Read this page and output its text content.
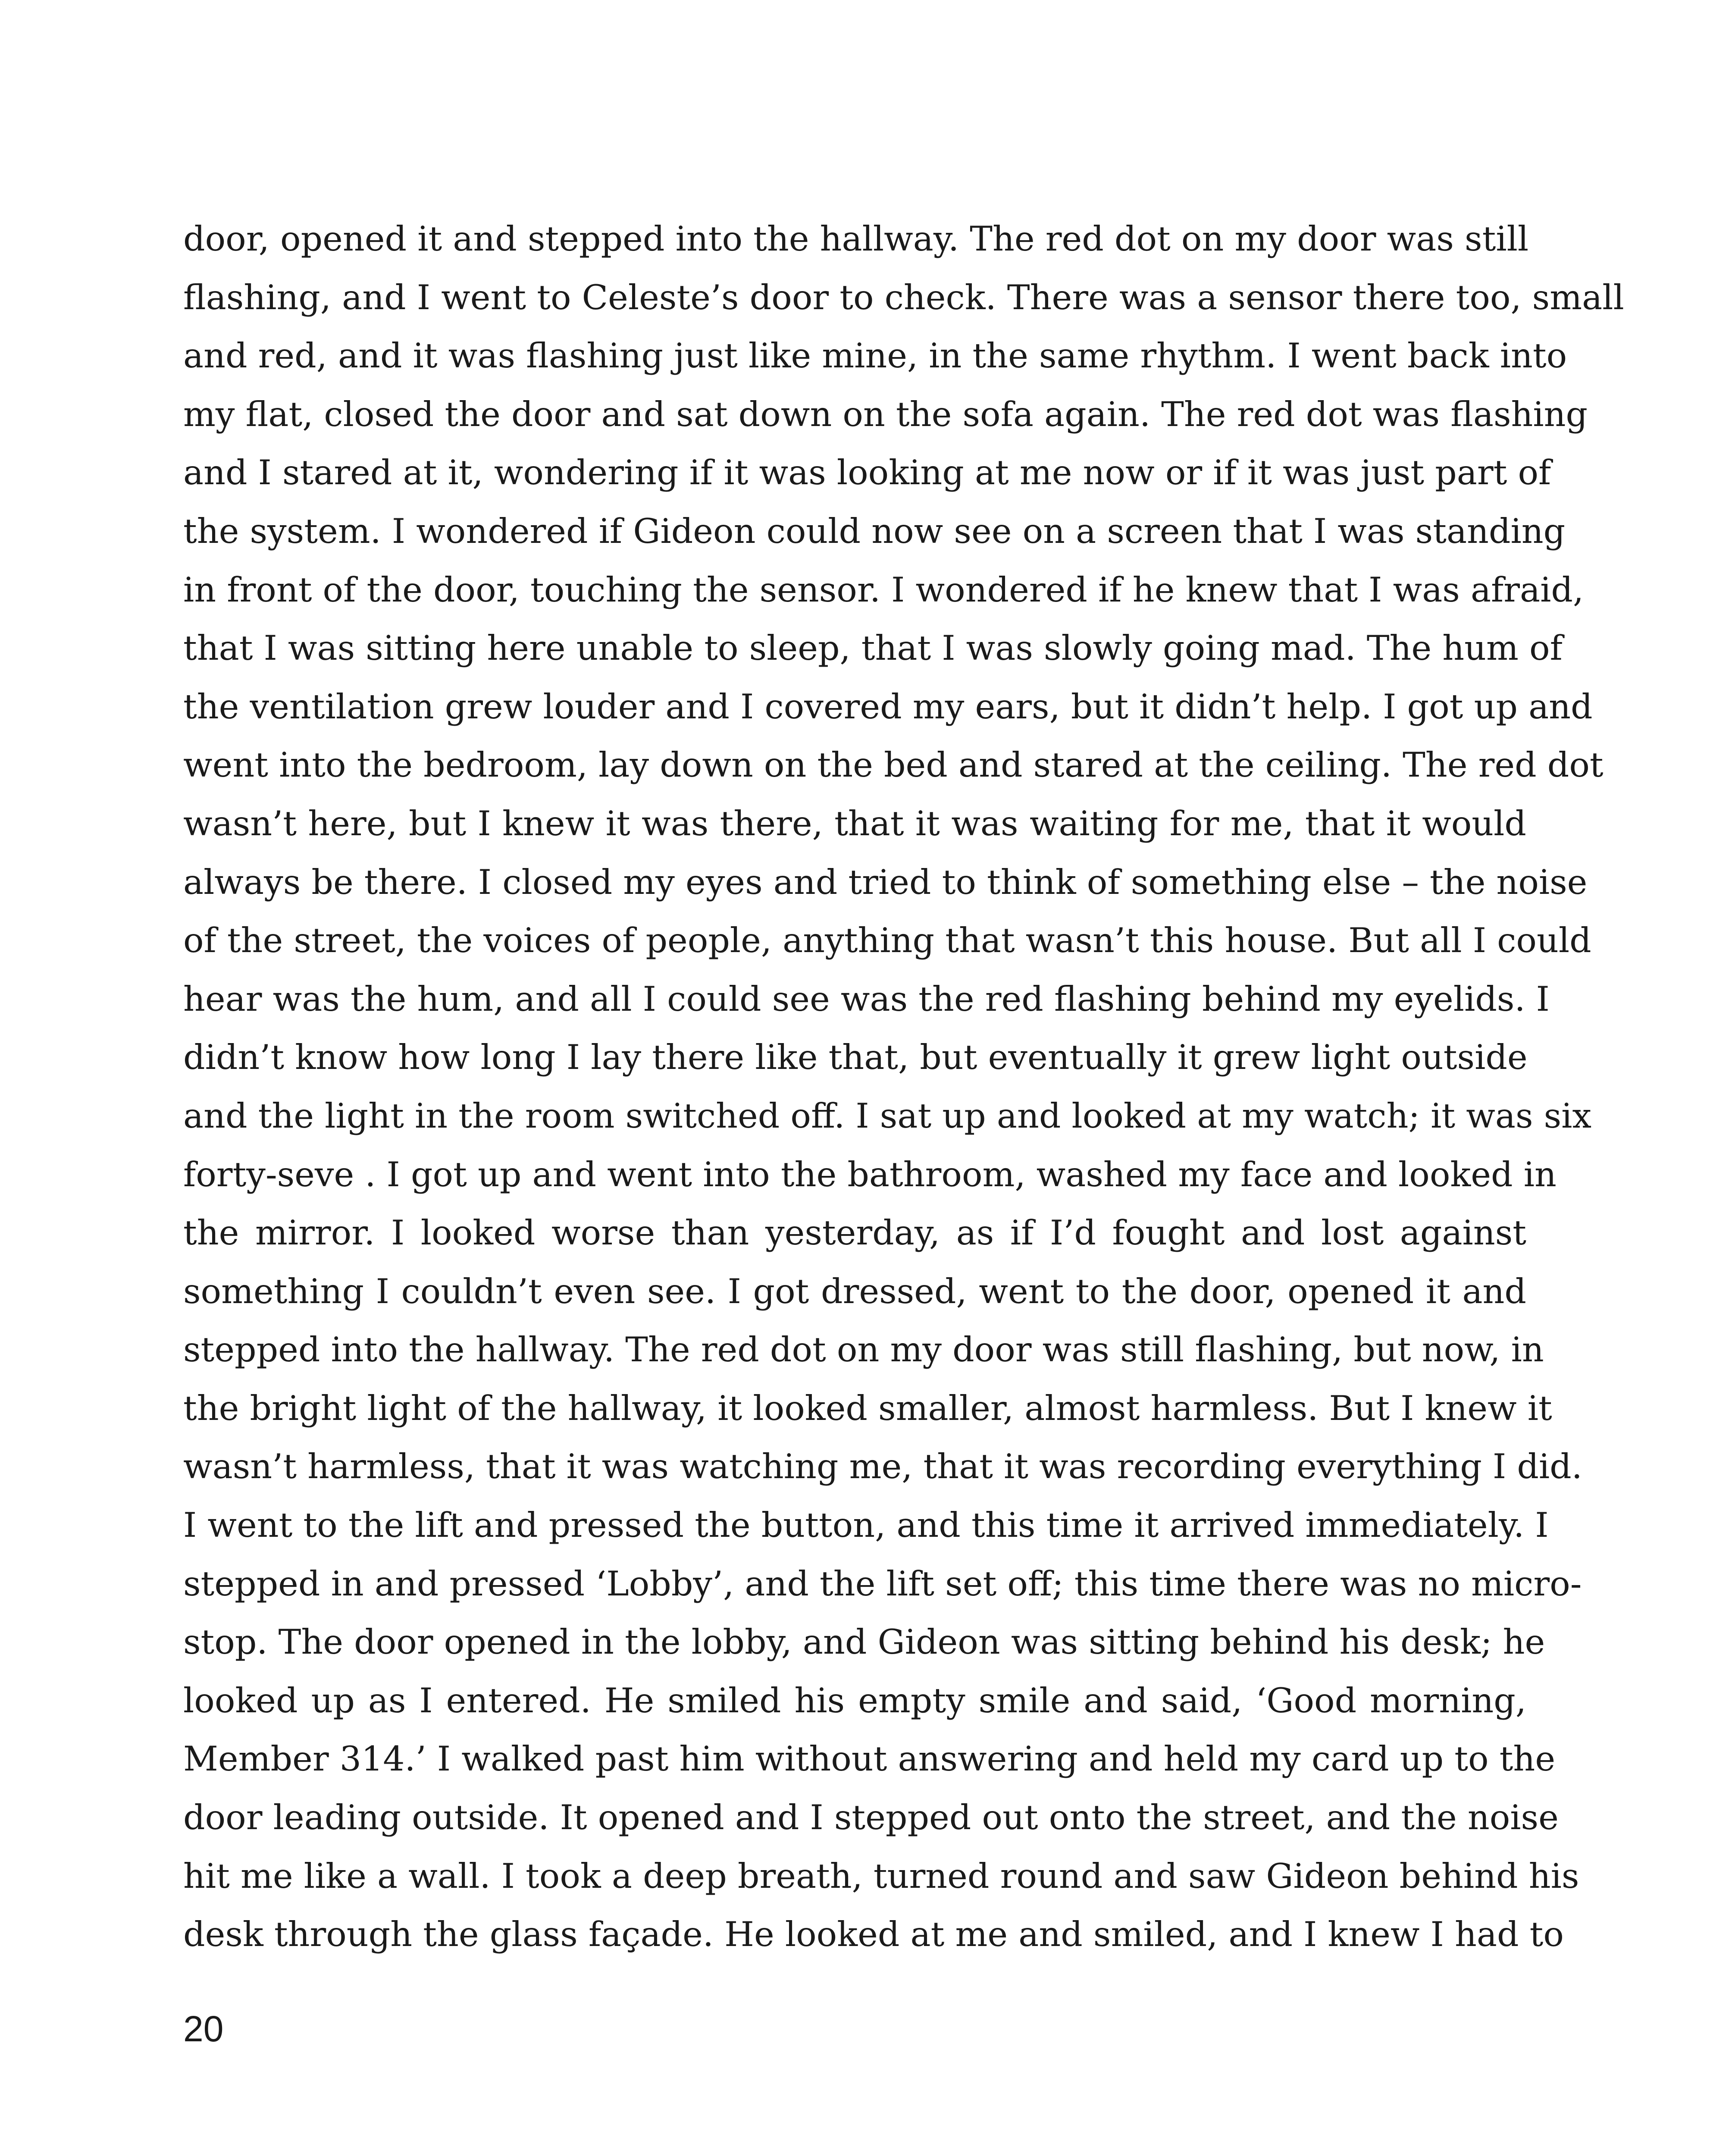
door, opened it and stepped into the hallway. The red dot on my door was still
flashing, and I went to Celeste’s door to check. There was a sensor there too, small
and red, and it was flashing just like mine, in the same rhythm. I went back into
my flat, closed the door and sat down on the sofa again. The red dot was flashing
and I stared at it, wondering if it was looking at me now or if it was just part of
the system. I wondered if Gideon could now see on a screen that I was standing
in front of the door, touching the sensor. I wondered if he knew that I was afraid,
that I was sitting here unable to sleep, that I was slowly going mad. The hum of
the ventilation grew louder and I covered my ears, but it didn’t help. I got up and
went into the bedroom, lay down on the bed and stared at the ceiling. The red dot
wasn’t here, but I knew it was there, that it was waiting for me, that it would
always be there. I closed my eyes and tried to think of something else – the noise
of the street, the voices of people, anything that wasn’t this house. But all I could
hear was the hum, and all I could see was the red flashing behind my eyelids. I
didn’t know how long I lay there like that, but eventually it grew light outside
and the light in the room switched off. I sat up and looked at my watch; it was six
forty-seve . I got up and went into the bathroom, washed my face and looked in
the mirror. I looked worse than yesterday, as if I’d fought and lost against
something I couldn’t even see. I got dressed, went to the door, opened it and
stepped into the hallway. The red dot on my door was still flashing, but now, in
the bright light of the hallway, it looked smaller, almost harmless. But I knew it
wasn’t harmless, that it was watching me, that it was recording everything I did.
I went to the lift and pressed the button, and this time it arrived immediately. I
stepped in and pressed ‘Lobby’, and the lift set off; this time there was no micro-
stop. The door opened in the lobby, and Gideon was sitting behind his desk; he
looked up as I entered. He smiled his empty smile and said, ‘Good morning,
Member 314.’ I walked past him without answering and held my card up to the
door leading outside. It opened and I stepped out onto the street, and the noise
hit me like a wall. I took a deep breath, turned round and saw Gideon behind his
desk through the glass façade. He looked at me and smiled, and I knew I had to
20
